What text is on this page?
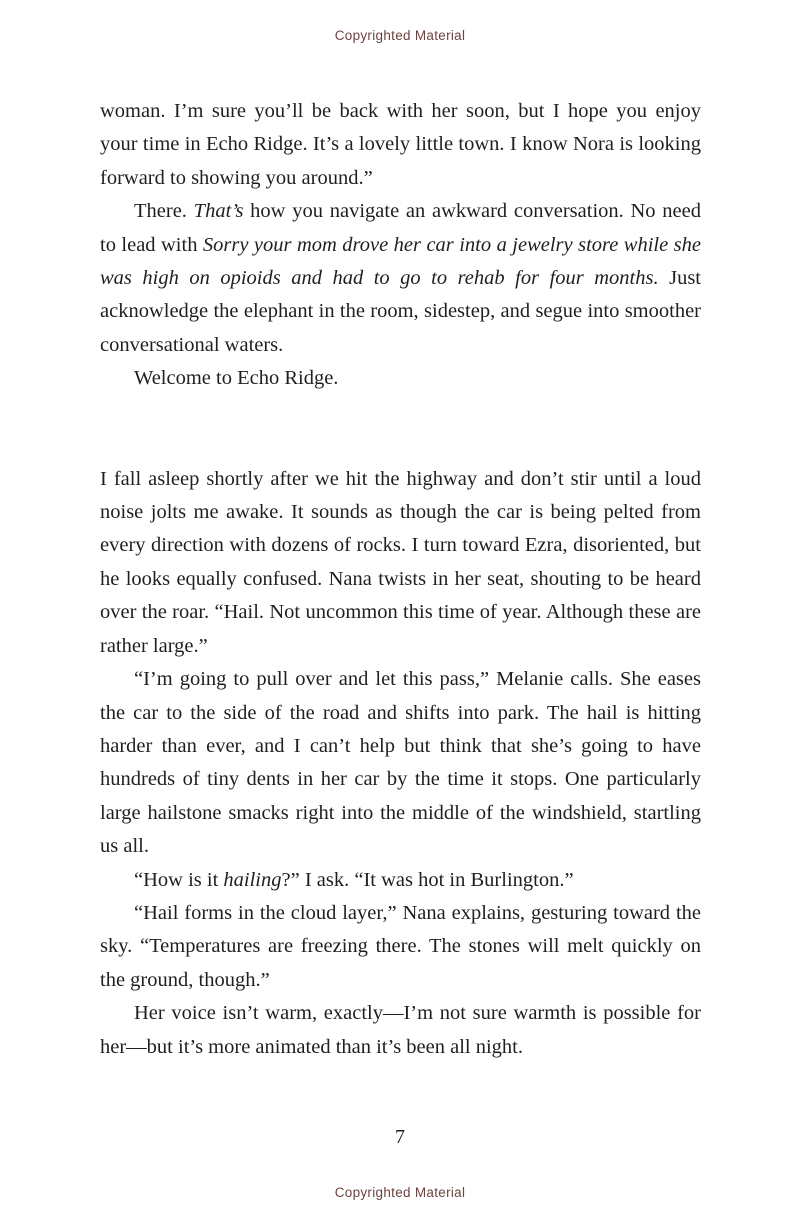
Copyrighted Material

woman. I’m sure you’ll be back with her soon, but I hope you enjoy your time in Echo Ridge. It’s a lovely little town. I know Nora is looking forward to showing you around.”

There. That’s how you navigate an awkward conversation. No need to lead with Sorry your mom drove her car into a jewelry store while she was high on opioids and had to go to rehab for four months. Just acknowledge the elephant in the room, sidestep, and segue into smoother conversational waters.

Welcome to Echo Ridge.

I fall asleep shortly after we hit the highway and don’t stir until a loud noise jolts me awake. It sounds as though the car is being pelted from every direction with dozens of rocks. I turn toward Ezra, disoriented, but he looks equally confused. Nana twists in her seat, shouting to be heard over the roar. “Hail. Not uncommon this time of year. Although these are rather large.”

“I’m going to pull over and let this pass,” Melanie calls. She eases the car to the side of the road and shifts into park. The hail is hitting harder than ever, and I can’t help but think that she’s going to have hundreds of tiny dents in her car by the time it stops. One particularly large hailstone smacks right into the middle of the windshield, startling us all.

“How is it hailing?” I ask. “It was hot in Burlington.”

“Hail forms in the cloud layer,” Nana explains, gesturing toward the sky. “Temperatures are freezing there. The stones will melt quickly on the ground, though.”

Her voice isn’t warm, exactly—I’m not sure warmth is possible for her—but it’s more animated than it’s been all night.

7
Copyrighted Material
